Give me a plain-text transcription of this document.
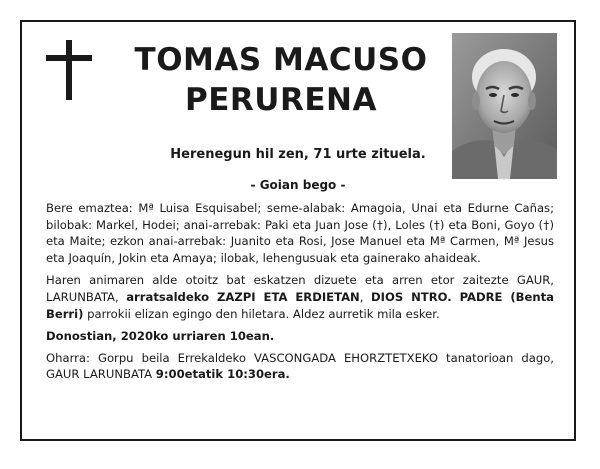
TOMAS MACUSO
PERURENA
Herenegun hil zen, 71 urte zituela.
- Goian bego -

Bere emaztea: Mª Luisa Esquisabel; seme-alabak: Amagoia, Unai eta Edurne Cañas; bilobak: Markel, Hodei; anai-arrebak: Paki eta Juan Jose (†), Loles (†) eta Boni, Goyo (†) eta Maite; ezkon anai-arrebak: Juanito eta Rosi, Jose Manuel eta Mª Carmen, Mª Jesus eta Joaquín, Jokin eta Amaya; ilobak, lehengusuak eta gainerako ahaideak.

Haren animaren alde otoitz bat eskatzen dizuete eta arren etor zaitezte GAUR, LARUNBATA, arratsaldeko ZAZPI ETA ERDIETAN, DIOS NTRO. PADRE (Benta Berri) parrokii elizan egingo den hiletara. Aldez aurretik mila esker.

Donostian, 2020ko urriaren 10ean.

Oharra: Gorpu beila Errekaldeko VASCONGADA EHORZTETXEKO tanatorioan dago, GAUR LARUNBATA 9:00etatik 10:30era.
